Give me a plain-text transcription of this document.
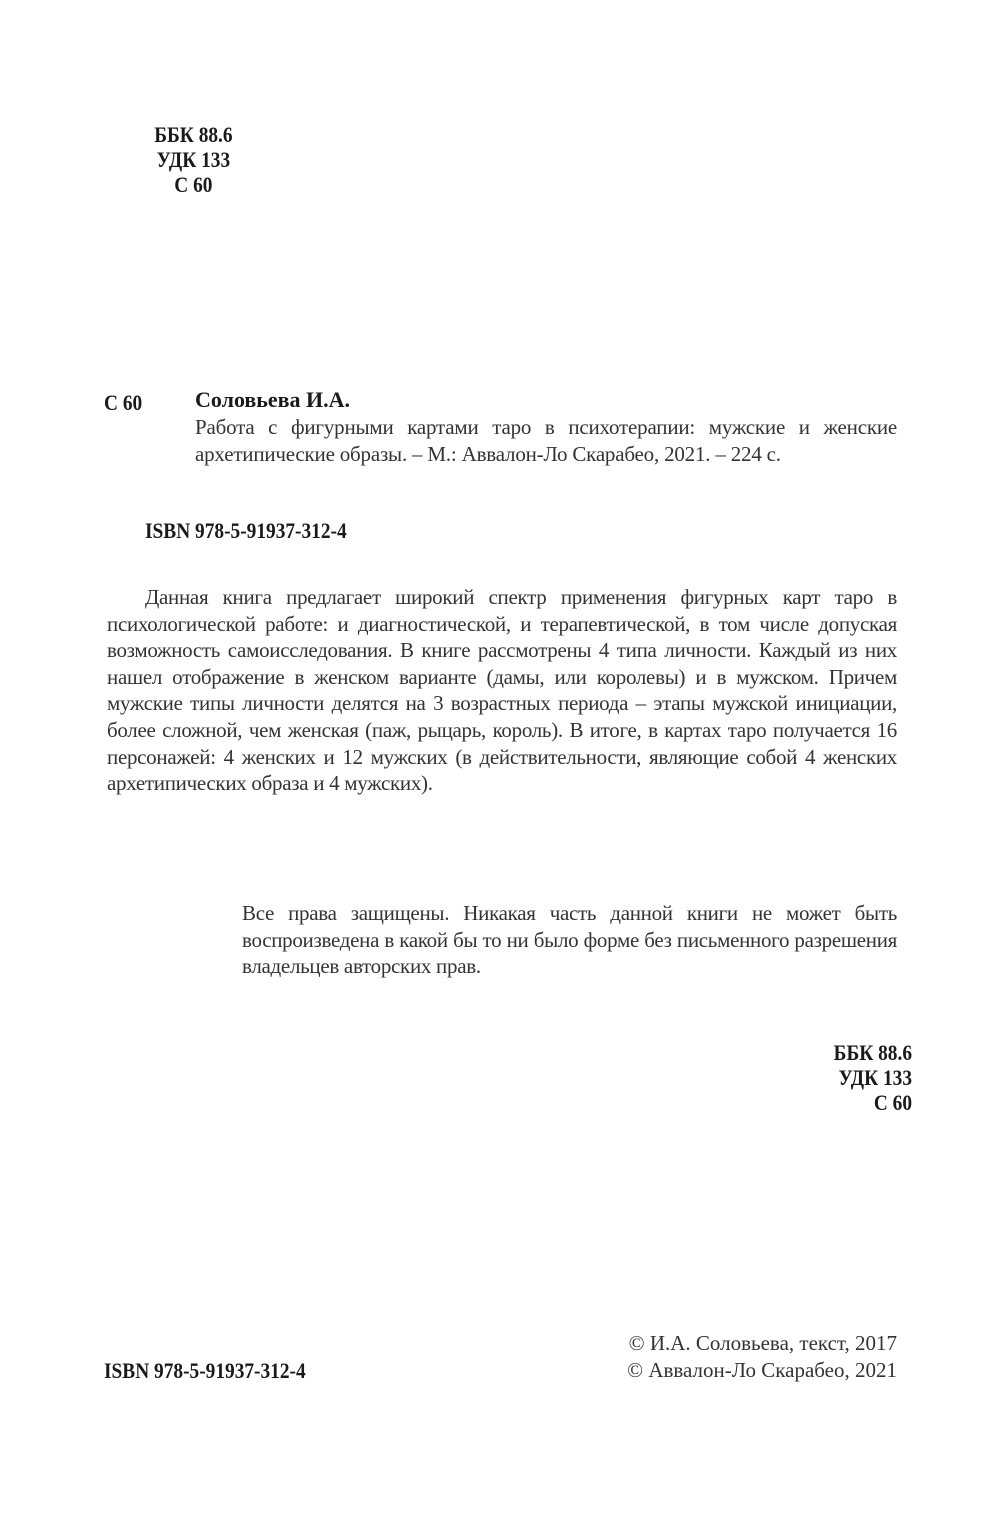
ББК 88.6
УДК 133
С 60
С 60 Соловьева И.А.
Работа с фигурными картами таро в психотерапии: мужские и женские архетипические образы. – М.: Аввалон-Ло Скарабео, 2021. – 224 с.
ISBN 978-5-91937-312-4
Данная книга предлагает широкий спектр применения фигурных карт таро в психологической работе: и диагностической, и терапевтической, в том числе допуская возможность самоисследования. В книге рассмотрены 4 типа личности. Каждый из них нашел отображение в женском варианте (дамы, или королевы) и в мужском. Причем мужские типы личности делятся на 3 возрастных периода – этапы мужской инициации, более сложной, чем женская (паж, рыцарь, король). В итоге, в картах таро получается 16 персонажей: 4 женских и 12 мужских (в действительности, являющие собой 4 женских архетипических образа и 4 мужских).
Все права защищены. Никакая часть данной книги не может быть воспроизведена в какой бы то ни было форме без письменного разрешения владельцев авторских прав.
ББК 88.6
УДК 133
С 60
ISBN 978-5-91937-312-4
© И.А. Соловьева, текст, 2017
© Аввалон-Ло Скарабео, 2021
